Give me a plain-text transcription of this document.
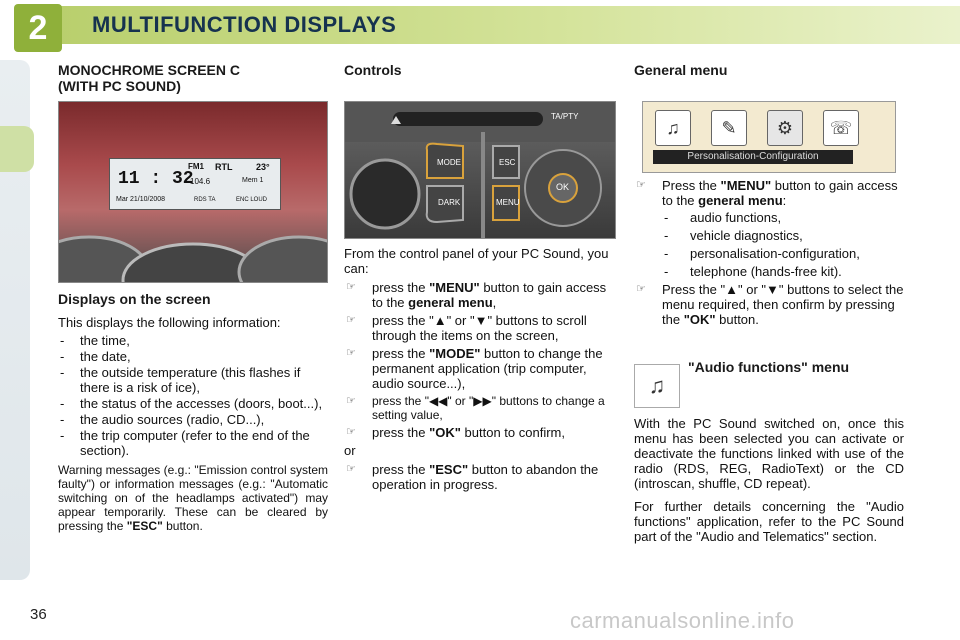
2	MULTIFUNCTION DISPLAYS

MONOCHROME SCREEN C

(WITH PC SOUND)

11 : 32
FM1 RTL	23°
104.6	Mem 1
Mar 21/10/2008	RDS TA	ENC LOUD

Displays on the screen

This displays the following information:

- the time,
- the date,
- the outside temperature (this flashes if there is a risk of ice),
- the status of the accesses (doors, boot...),
- the audio sources (radio, CD...),
- the trip computer (refer to the end of the section).

Warning messages (e.g.: "Emission control system faulty") or information messages (e.g.: "Automatic switching on of the headlamps activated") may appear temporarily. These can be cleared by pressing the "ESC" button.

Controls

MODE
DARK
ESC
MENU
OK
TA/PTY

From the control panel of your PC Sound, you can:

☞ press the "MENU" button to gain access to the general menu,
☞ press the "▲" or "▼" buttons to scroll through the items on the screen,
☞ press the "MODE" button to change the permanent application (trip computer, audio source...),
☞ press the "◀◀" or "▶▶" buttons to change a setting value,
☞ press the "OK" button to confirm,

or

☞ press the "ESC" button to abandon the operation in progress.

General menu

♫	✎	⚙	☏
Personalisation-Configuration
☞ Press the "MENU" button to gain access to the general menu:
- audio functions,
- vehicle diagnostics,
- personalisation-configuration,
- telephone (hands-free kit).
☞ Press the "▲" or "▼" buttons to select the menu required, then confirm by pressing the "OK" button.
♫

"Audio functions" menu

With the PC Sound switched on, once this menu has been selected you can activate or deactivate the functions linked with use of the radio (RDS, REG, RadioText) or the CD (introscan, shuffle, CD repeat).

For further details concerning the "Audio functions" application, refer to the PC Sound part of the "Audio and Telematics" section.

36	carmanualsonline.info
